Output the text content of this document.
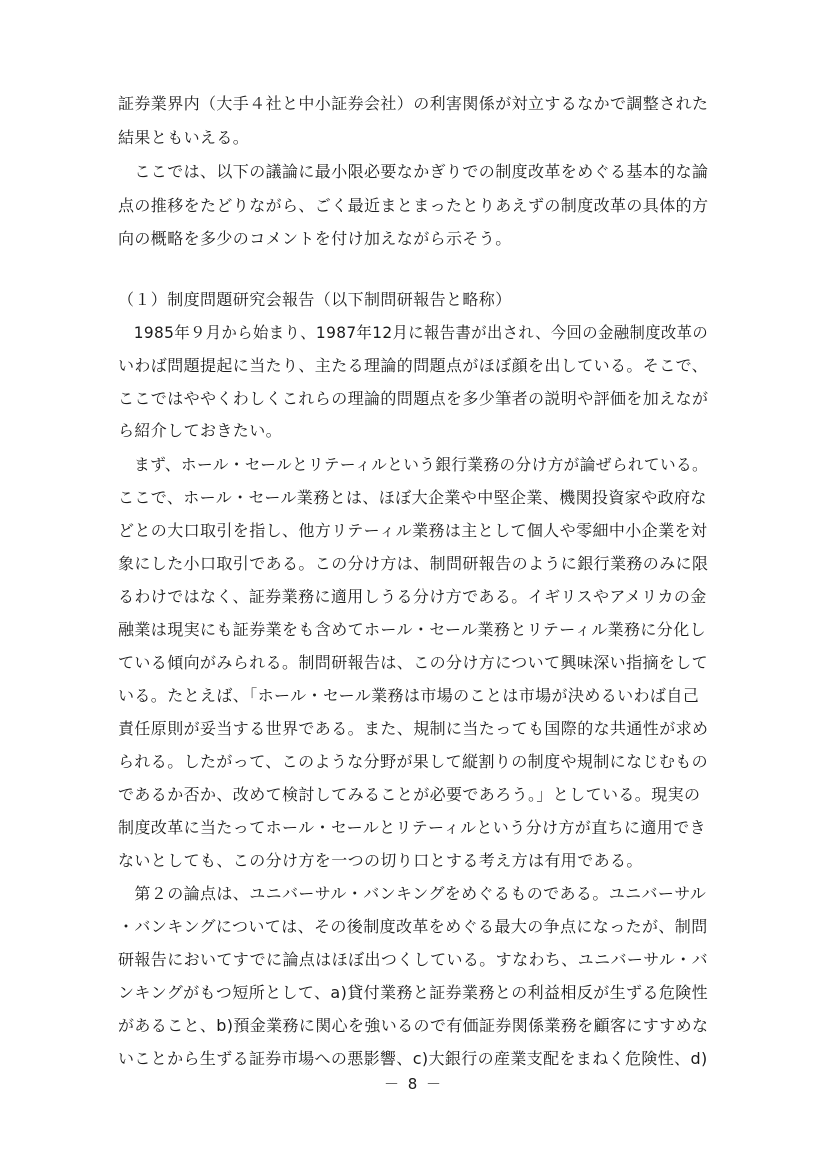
証券業界内（大手４社と中小証券会社）の利害関係が対立するなかで調整された
結果ともいえる。
　ここでは、以下の議論に最小限必要なかぎりでの制度改革をめぐる基本的な論
点の推移をたどりながら、ごく最近まとまったとりあえずの制度改革の具体的方
向の概略を多少のコメントを付け加えながら示そう。
（１）制度問題研究会報告（以下制問研報告と略称）
　1985年９月から始まり、1987年12月に報告書が出され、今回の金融制度改革の
いわば問題提起に当たり、主たる理論的問題点がほぼ顔を出している。そこで、
ここではややくわしくこれらの理論的問題点を多少筆者の説明や評価を加えなが
ら紹介しておきたい。
　まず、ホール・セールとリテーィルという銀行業務の分け方が論ぜられている。
ここで、ホール・セール業務とは、ほぼ大企業や中堅企業、機関投資家や政府な
どとの大口取引を指し、他方リテーィル業務は主として個人や零細中小企業を対
象にした小口取引である。この分け方は、制問研報告のように銀行業務のみに限
るわけではなく、証券業務に適用しうる分け方である。イギリスやアメリカの金
融業は現実にも証券業をも含めてホール・セール業務とリテーィル業務に分化し
ている傾向がみられる。制問研報告は、この分け方について興味深い指摘をして
いる。たとえば、「ホール・セール業務は市場のことは市場が決めるいわば自己
責任原則が妥当する世界である。また、規制に当たっても国際的な共通性が求め
られる。したがって、このような分野が果して縦割りの制度や規制になじむもの
であるか否か、改めて検討してみることが必要であろう。」としている。現実の
制度改革に当たってホール・セールとリテーィルという分け方が直ちに適用でき
ないとしても、この分け方を一つの切り口とする考え方は有用である。
　第２の論点は、ユニバーサル・バンキングをめぐるものである。ユニバーサル
・バンキングについては、その後制度改革をめぐる最大の争点になったが、制問
研報告においてすでに論点はほぼ出つくしている。すなわち、ユニバーサル・バ
ンキングがもつ短所として、a)貸付業務と証券業務との利益相反が生ずる危険性
があること、b)預金業務に関心を強いるので有価証券関係業務を顧客にすすめな
いことから生ずる証券市場への悪影響、c)大銀行の産業支配をまねく危険性、d)
－ 8 －
